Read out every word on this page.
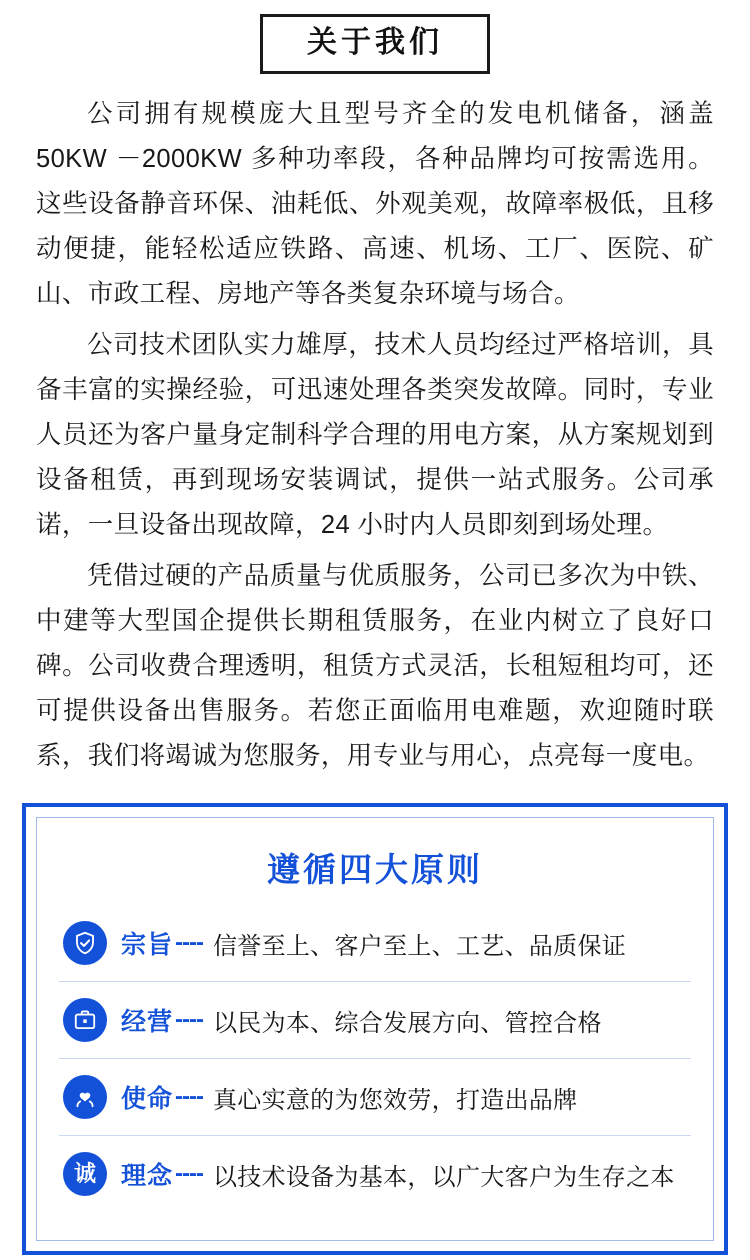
关于我们

公司拥有规模庞大且型号齐全的发电机储备，涵盖50KW －2000KW 多种功率段，各种品牌均可按需选用。这些设备静音环保、油耗低、外观美观，故障率极低，且移动便捷，能轻松适应铁路、高速、机场、工厂、医院、矿山、市政工程、房地产等各类复杂环境与场合。

公司技术团队实力雄厚，技术人员均经过严格培训，具备丰富的实操经验，可迅速处理各类突发故障。同时，专业人员还为客户量身定制科学合理的用电方案，从方案规划到设备租赁，再到现场安装调试，提供一站式服务。公司承诺，一旦设备出现故障，24 小时内人员即刻到场处理。

凭借过硬的产品质量与优质服务，公司已多次为中铁、中建等大型国企提供长期租赁服务，在业内树立了良好口碑。公司收费合理透明，租赁方式灵活，长租短租均可，还可提供设备出售服务。若您正面临用电难题，欢迎随时联系，我们将竭诚为您服务，用专业与用心，点亮每一度电。

遵循四大原则
宗旨 ---- 信誉至上、客户至上、工艺、品质保证
经营 ---- 以民为本、综合发展方向、管控合格
使命 ---- 真心实意的为您效劳，打造出品牌
诚 理念 ---- 以技术设备为基本，以广大客户为生存之本
